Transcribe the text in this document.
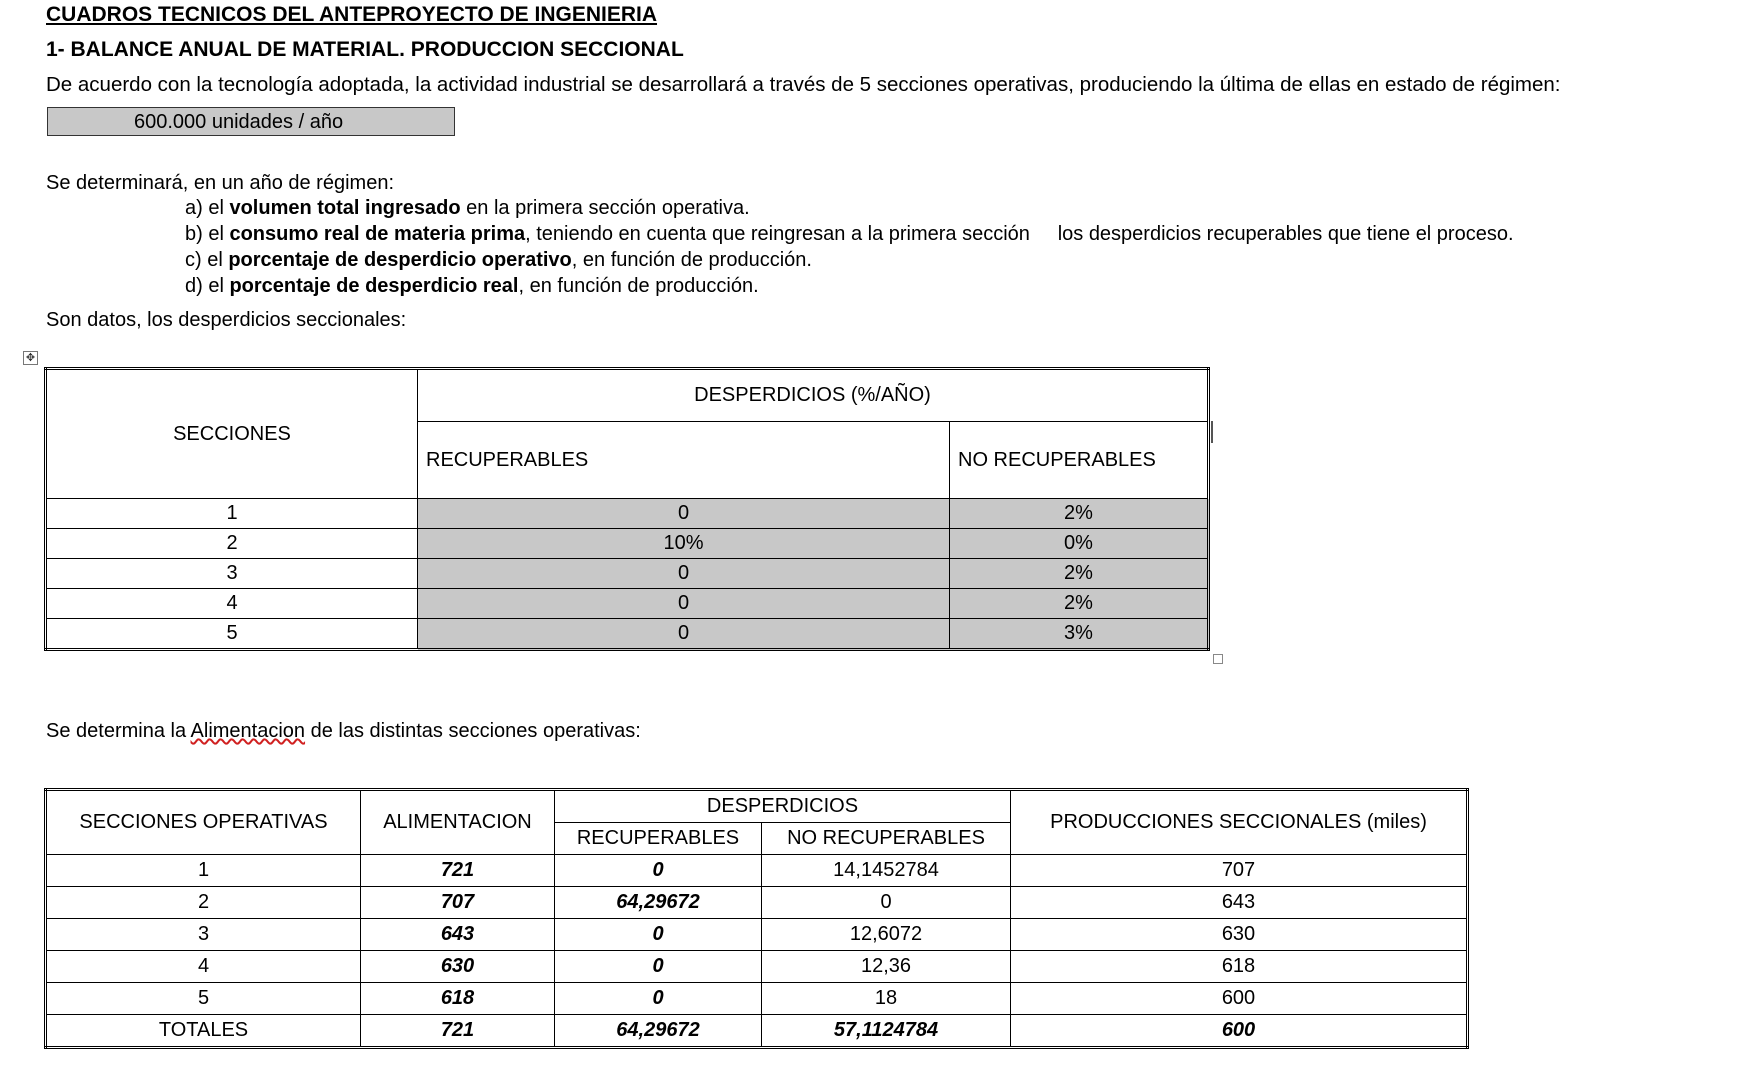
CUADROS TECNICOS DEL ANTEPROYECTO DE INGENIERIA
1- BALANCE ANUAL DE MATERIAL. PRODUCCION SECCIONAL
De acuerdo con la tecnología adoptada, la actividad industrial se desarrollará a través de 5 secciones operativas, produciendo la última de ellas en estado de régimen:
600.000 unidades / año
Se determinará, en un año de régimen:
a) el volumen total ingresado en la primera sección operativa.
b) el consumo real de materia prima, teniendo en cuenta que reingresan a la primera sección     los desperdicios recuperables que tiene el proceso.
c) el porcentaje de desperdicio operativo, en función de producción.
d) el porcentaje de desperdicio real, en función de producción.
Son datos, los desperdicios seccionales:
✥
SECCIONES	DESPERDICIOS (%/AÑO)	
	RECUPERABLES	NO RECUPERABLES
1	0	2%
2	10%	0%
3	0	2%
4	0	2%
5	0	3%
Se determina la Alimentacion de las distintas secciones operativas:
SECCIONES OPERATIVAS	ALIMENTACION	DESPERDICIOS		PRODUCCIONES SECCIONALES (miles)
		RECUPERABLES	NO RECUPERABLES	
1	721	0	14,1452784	707
2	707	64,29672	0	643
3	643	0	12,6072	630
4	630	0	12,36	618
5	618	0	18	600
TOTALES	721	64,29672	57,1124784	600
